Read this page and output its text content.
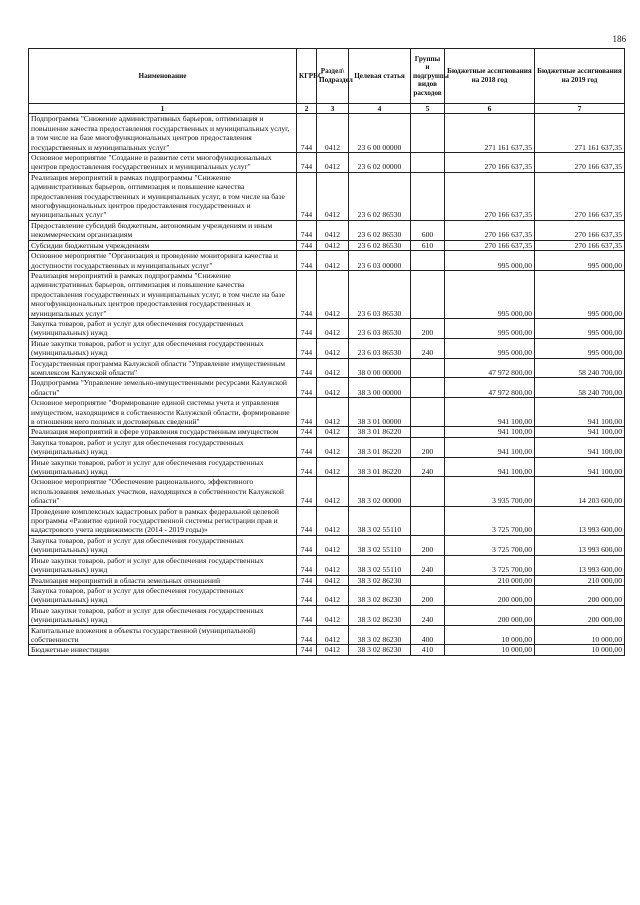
186
Наименование	КГРБС	Раздел\ Подраздел	Целевая статья	Группы и подгруппы видов расходов	Бюджетные ассигнования на 2018 год	Бюджетные ассигнования на 2019 год
1	2	3	4	5	6	7
Подпрограмма "Снижение административных барьеров, оптимизация и повышение качества предоставления государственных и муниципальных услуг, в том числе на базе многофункциональных центров предоставления государственных и муниципальных услуг"	744	0412	23 6 00 00000		271 161 637,35	271 161 637,35
Основное мероприятие "Создание и развитие сети многофункциональных центров предоставления государственных и муниципальных услуг"	744	0412	23 6 02 00000		270 166 637,35	270 166 637,35
Реализация мероприятий в рамках подпрограммы "Снижение административных барьеров, оптимизация и повышение качества предоставления государственных и муниципальных услуг, в том числе на базе многофункциональных центров предоставления государственных и муниципальных услуг"	744	0412	23 6 02 86530		270 166 637,35	270 166 637,35
Предоставление субсидий бюджетным, автономным учреждениям и иным некоммерческим организациям	744	0412	23 6 02 86530	600	270 166 637,35	270 166 637,35
Субсидии бюджетным учреждениям	744	0412	23 6 02 86530	610	270 166 637,35	270 166 637,35
Основное мероприятие "Организация и проведение мониторинга качества и доступности государственных и муниципальных услуг"	744	0412	23 6 03 00000		995 000,00	995 000,00
Реализация мероприятий в рамках подпрограммы "Снижение административных барьеров, оптимизация и повышение качества предоставления государственных и муниципальных услуг, в том числе на базе многофункциональных центров предоставления государственных и муниципальных услуг"	744	0412	23 6 03 86530		995 000,00	995 000,00
Закупка товаров, работ и услуг для обеспечения государственных (муниципальных) нужд	744	0412	23 6 03 86530	200	995 000,00	995 000,00
Иные закупки товаров, работ и услуг для обеспечения государственных (муниципальных) нужд	744	0412	23 6 03 86530	240	995 000,00	995 000,00
Государственная программа Калужской области "Управление имущественным комплексом Калужской области"	744	0412	38 0 00 00000		47 972 800,00	58 240 700,00
Подпрограмма "Управление земельно-имущественными ресурсами Калужской области"	744	0412	38 3 00 00000		47 972 800,00	58 240 700,00
Основное мероприятие "Формирование единой системы учета и управления имуществом, находящимся в собственности Калужской области, формирование в отношении него полных и достоверных сведений"	744	0412	38 3 01 00000		941 100,00	941 100,00
Реализация мероприятий в сфере управления государственным имуществом	744	0412	38 3 01 86220		941 100,00	941 100,00
Закупка товаров, работ и услуг для обеспечения государственных (муниципальных) нужд	744	0412	38 3 01 86220	200	941 100,00	941 100,00
Иные закупки товаров, работ и услуг для обеспечения государственных (муниципальных) нужд	744	0412	38 3 01 86220	240	941 100,00	941 100,00
Основное мероприятие "Обеспечение рационального, эффективного использования земельных участков, находящихся в собственности Калужской области"	744	0412	38 3 02 00000		3 935 700,00	14 203 600,00
Проведение комплексных кадастровых работ в рамках федеральной целевой программы «Развитие единой государственной системы регистрации прав и кадастрового учета недвижимости (2014 - 2019 годы)»	744	0412	38 3 02 55110		3 725 700,00	13 993 600,00
Закупка товаров, работ и услуг для обеспечения государственных (муниципальных) нужд	744	0412	38 3 02 55110	200	3 725 700,00	13 993 600,00
Иные закупки товаров, работ и услуг для обеспечения государственных (муниципальных) нужд	744	0412	38 3 02 55110	240	3 725 700,00	13 993 600,00
Реализация мероприятий в области земельных отношений	744	0412	38 3 02 86230		210 000,00	210 000,00
Закупка товаров, работ и услуг для обеспечения государственных (муниципальных) нужд	744	0412	38 3 02 86230	200	200 000,00	200 000,00
Иные закупки товаров, работ и услуг для обеспечения государственных (муниципальных) нужд	744	0412	38 3 02 86230	240	200 000,00	200 000,00
Капитальные вложения в объекты государственной (муниципальной) собственности	744	0412	38 3 02 86230	400	10 000,00	10 000,00
Бюджетные инвестиции	744	0412	38 3 02 86230	410	10 000,00	10 000,00
